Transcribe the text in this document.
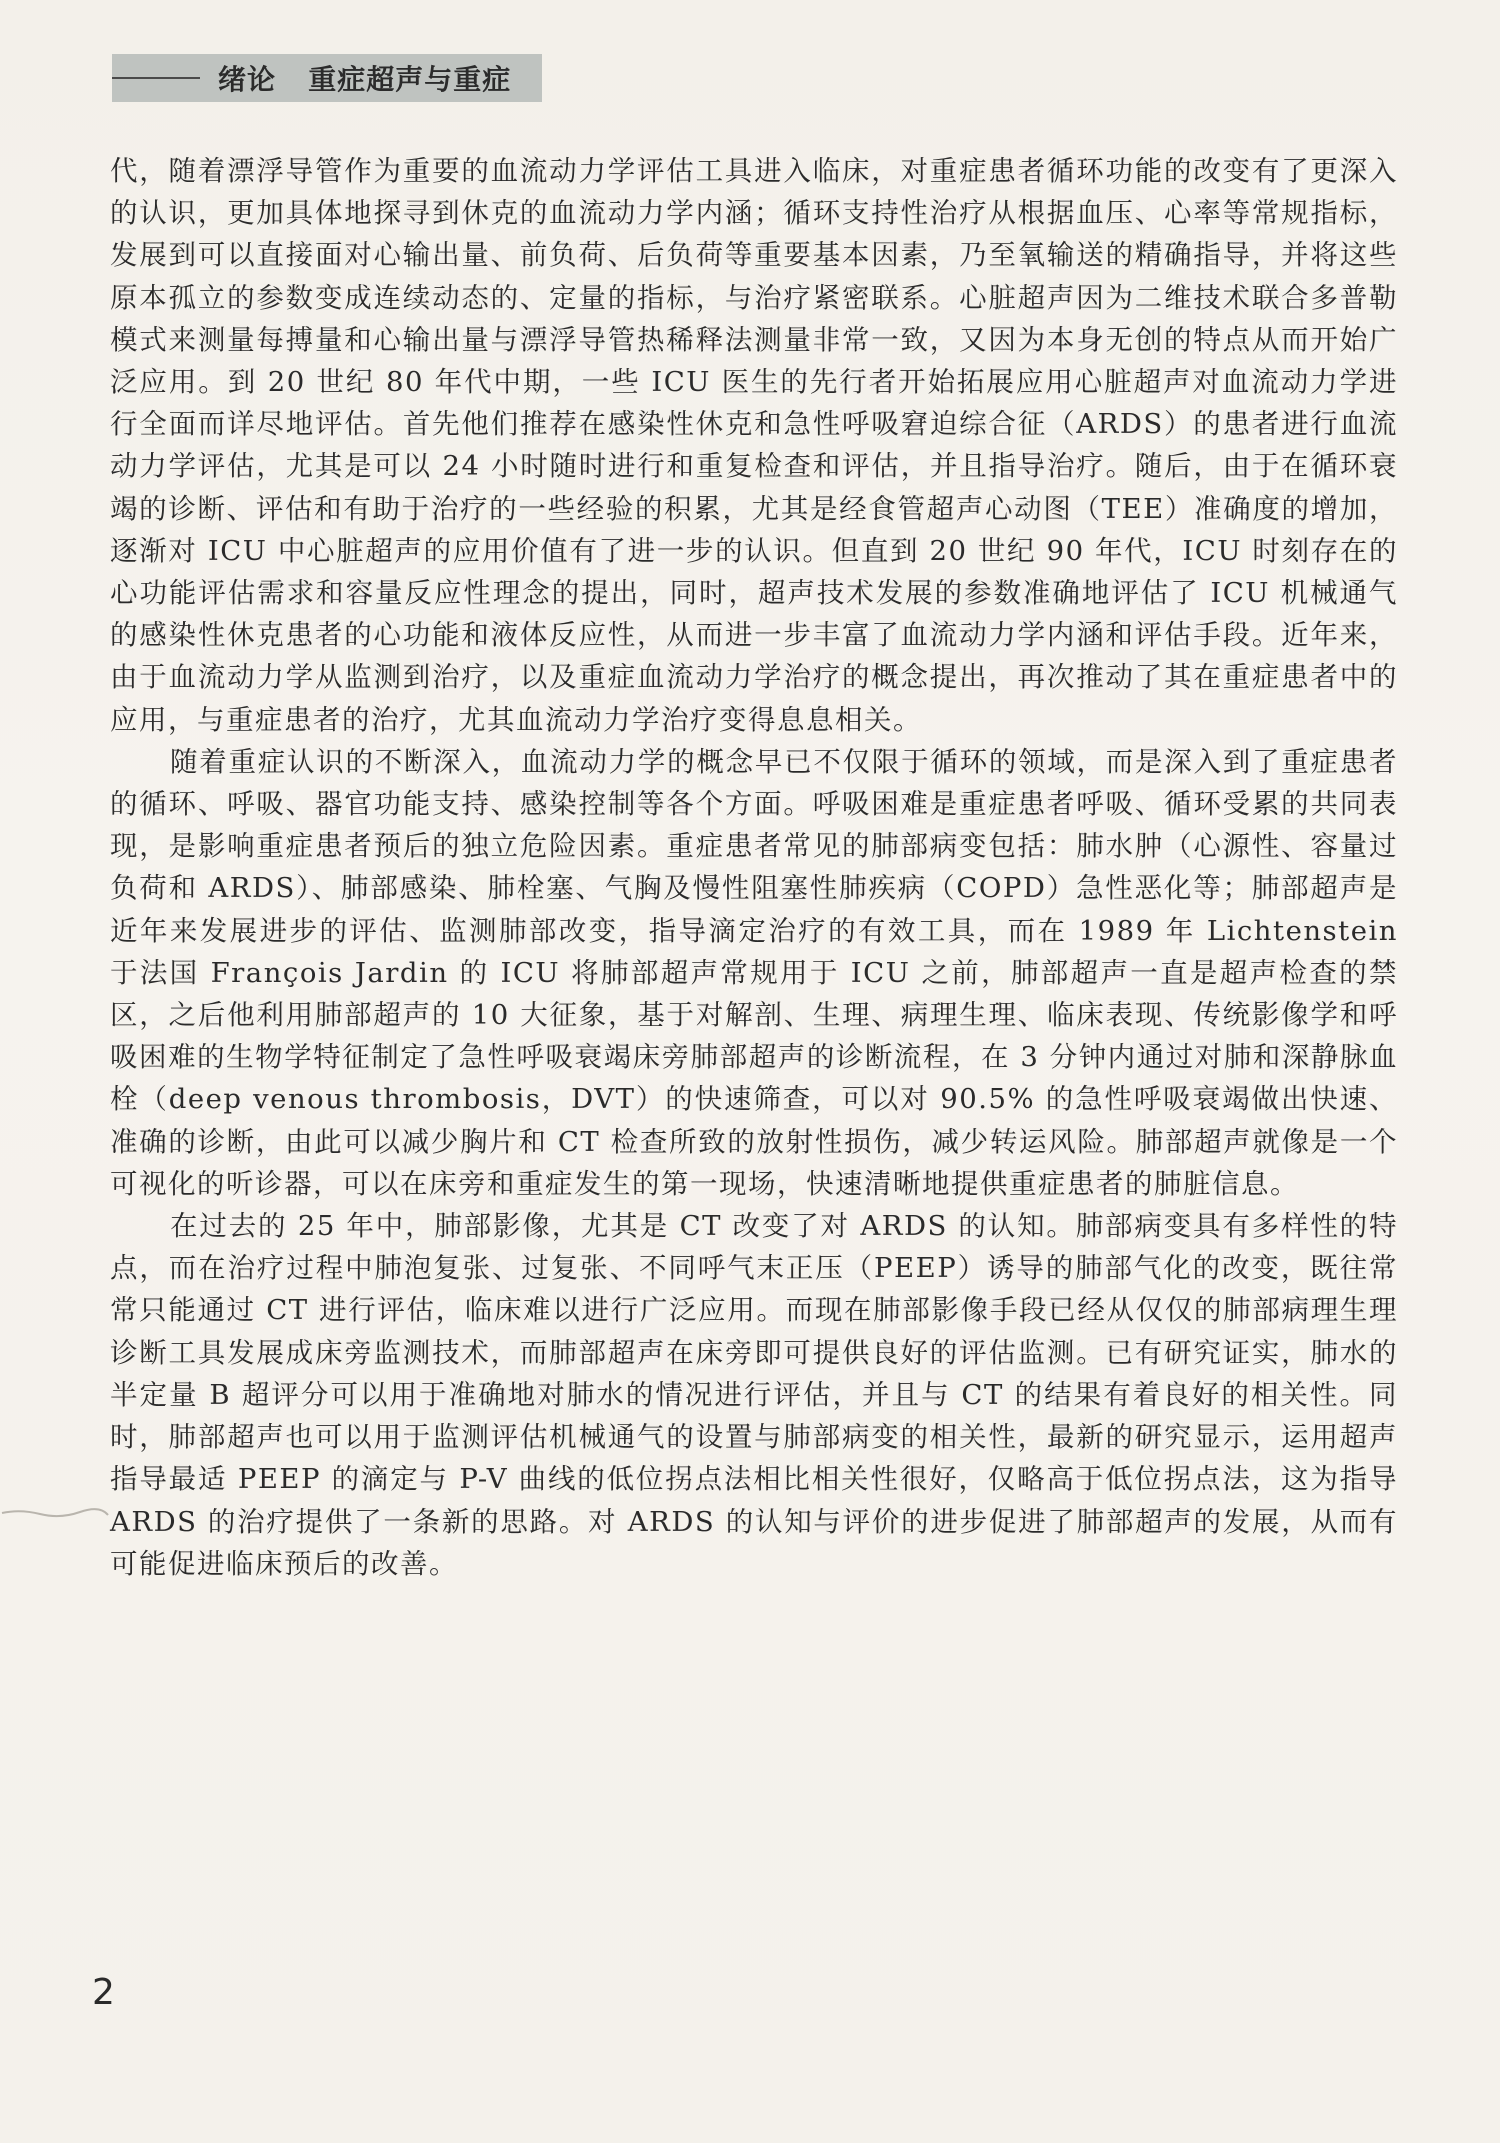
绪论   重症超声与重症

代，随着漂浮导管作为重要的血流动力学评估工具进入临床，对重症患者循环功能的改变有了更深入的认识，更加具体地探寻到休克的血流动力学内涵；循环支持性治疗从根据血压、心率等常规指标，发展到可以直接面对心输出量、前负荷、后负荷等重要基本因素，乃至氧输送的精确指导，并将这些原本孤立的参数变成连续动态的、定量的指标，与治疗紧密联系。心脏超声因为二维技术联合多普勒模式来测量每搏量和心输出量与漂浮导管热稀释法测量非常一致，又因为本身无创的特点从而开始广泛应用。到 20 世纪 80 年代中期，一些 ICU 医生的先行者开始拓展应用心脏超声对血流动力学进行全面而详尽地评估。首先他们推荐在感染性休克和急性呼吸窘迫综合征（ARDS）的患者进行血流动力学评估，尤其是可以 24 小时随时进行和重复检查和评估，并且指导治疗。随后，由于在循环衰竭的诊断、评估和有助于治疗的一些经验的积累，尤其是经食管超声心动图（TEE）准确度的增加，逐渐对 ICU 中心脏超声的应用价值有了进一步的认识。但直到 20 世纪 90 年代，ICU 时刻存在的心功能评估需求和容量反应性理念的提出，同时，超声技术发展的参数准确地评估了 ICU 机械通气的感染性休克患者的心功能和液体反应性，从而进一步丰富了血流动力学内涵和评估手段。近年来，由于血流动力学从监测到治疗，以及重症血流动力学治疗的概念提出，再次推动了其在重症患者中的应用，与重症患者的治疗，尤其血流动力学治疗变得息息相关。

随着重症认识的不断深入，血流动力学的概念早已不仅限于循环的领域，而是深入到了重症患者的循环、呼吸、器官功能支持、感染控制等各个方面。呼吸困难是重症患者呼吸、循环受累的共同表现，是影响重症患者预后的独立危险因素。重症患者常见的肺部病变包括：肺水肿（心源性、容量过负荷和 ARDS）、肺部感染、肺栓塞、气胸及慢性阻塞性肺疾病（COPD）急性恶化等；肺部超声是近年来发展进步的评估、监测肺部改变，指导滴定治疗的有效工具，而在 1989 年 Lichtenstein 于法国 François Jardin 的 ICU 将肺部超声常规用于 ICU 之前，肺部超声一直是超声检查的禁区，之后他利用肺部超声的 10 大征象，基于对解剖、生理、病理生理、临床表现、传统影像学和呼吸困难的生物学特征制定了急性呼吸衰竭床旁肺部超声的诊断流程，在 3 分钟内通过对肺和深静脉血栓（deep venous thrombosis，DVT）的快速筛查，可以对 90.5% 的急性呼吸衰竭做出快速、准确的诊断，由此可以减少胸片和 CT 检查所致的放射性损伤，减少转运风险。肺部超声就像是一个可视化的听诊器，可以在床旁和重症发生的第一现场，快速清晰地提供重症患者的肺脏信息。

在过去的 25 年中，肺部影像，尤其是 CT 改变了对 ARDS 的认知。肺部病变具有多样性的特点，而在治疗过程中肺泡复张、过复张、不同呼气末正压（PEEP）诱导的肺部气化的改变，既往常常只能通过 CT 进行评估，临床难以进行广泛应用。而现在肺部影像手段已经从仅仅的肺部病理生理诊断工具发展成床旁监测技术，而肺部超声在床旁即可提供良好的评估监测。已有研究证实，肺水的半定量 B 超评分可以用于准确地对肺水的情况进行评估，并且与 CT 的结果有着良好的相关性。同时，肺部超声也可以用于监测评估机械通气的设置与肺部病变的相关性，最新的研究显示，运用超声指导最适 PEEP 的滴定与 P-V 曲线的低位拐点法相比相关性很好，仅略高于低位拐点法，这为指导 ARDS 的治疗提供了一条新的思路。对 ARDS 的认知与评价的进步促进了肺部超声的发展，从而有可能促进临床预后的改善。

2
